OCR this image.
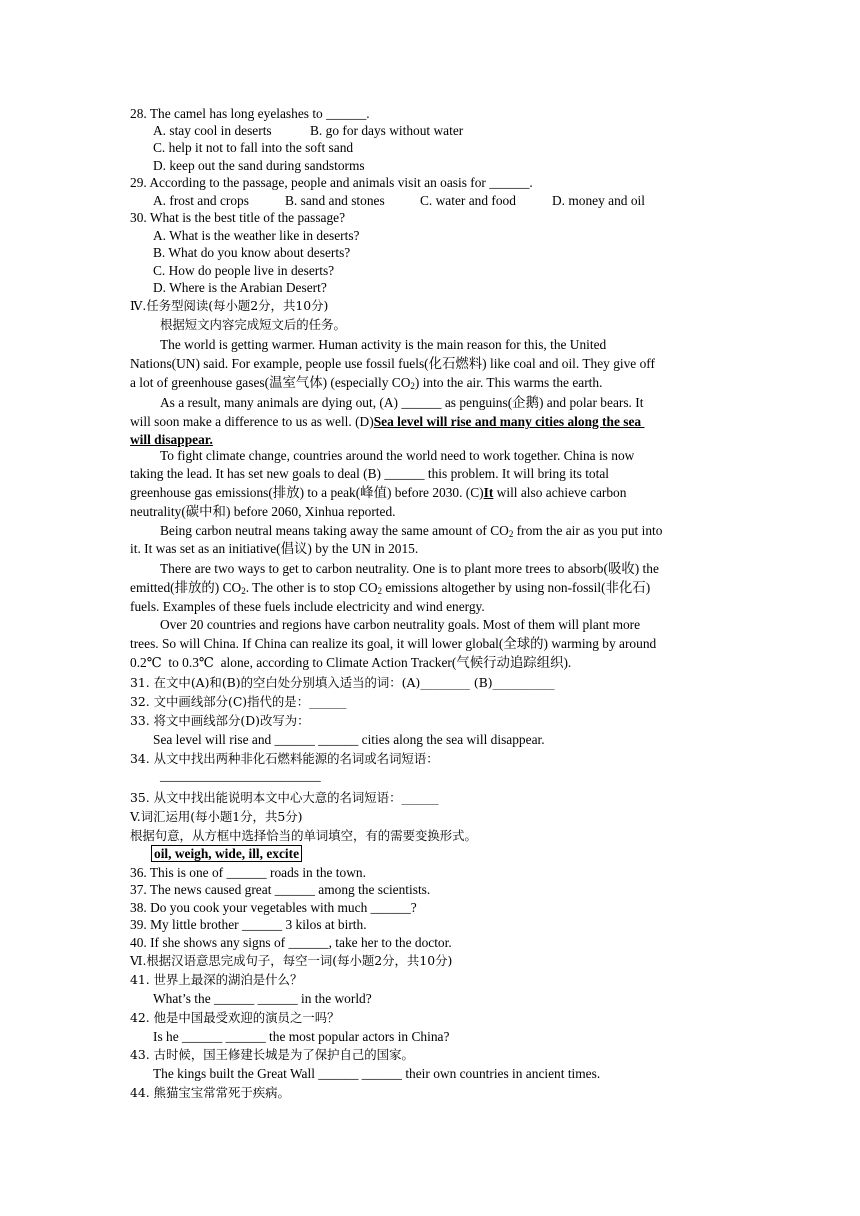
28. The camel has long eyelashes to ______.
A. stay cool in deserts	B. go for days without water
C. help it not to fall into the soft sand
D. keep out the sand during sandstorms
29. According to the passage, people and animals visit an oasis for ______.
A. frost and crops	B. sand and stones	C. water and food	D. money and oil
30. What is the best title of the passage?
A. What is the weather like in deserts?
B. What do you know about deserts?
C. How do people live in deserts?
D. Where is the Arabian Desert?
Ⅳ.任务型阅读(每小题2分，共10分)
根据短文内容完成短文后的任务。
The world is getting warmer. Human activity is the main reason for this, the United
Nations(UN) said. For example, people use fossil fuels(化石燃料) like coal and oil. They give off
a lot of greenhouse gases(温室气体) (especially $CO_2$) into the air. This warms the earth.
As a result, many animals are dying out, (A) ______ as penguins(企鹅) and polar bears. It
will soon make a difference to us as well. (D)Sea level will rise and many cities along the sea
will disappear.
To fight climate change, countries around the world need to work together. China is now
taking the lead. It has set new goals to deal (B) ______ this problem. It will bring its total
greenhouse gas emissions(排放) to a peak(峰值) before 2030. (C)It will also achieve carbon
neutrality(碳中和) before 2060, Xinhua reported.
Being carbon neutral means taking away the same amount of $CO_2$ from the air as you put into
it. It was set as an initiative(倡议) by the UN in 2015.
There are two ways to get to carbon neutrality. One is to plant more trees to absorb(吸收) the
emitted(排放的) $CO_2$. The other is to stop $CO_2$ emissions altogether by using non-fossil(非化石)
fuels. Examples of these fuels include electricity and wind energy.
Over 20 countries and regions have carbon neutrality goals. Most of them will plant more
trees. So will China. If China can realize its goal, it will lower global(全球的) warming by around
0.2℃  to 0.3℃  alone, according to Climate Action Tracker(气候行动追踪组织).
31. 在文中(A)和(B)的空白处分别填入适当的词：(A)________ (B)__________
32. 文中画线部分(C)指代的是：______
33. 将文中画线部分(D)改写为：
Sea level will rise and ______ ______ cities along the sea will disappear.
34. 从文中找出两种非化石燃料能源的名词或名词短语：
________________________
35. 从文中找出能说明本文中心大意的名词短语：______
V.词汇运用(每小题1分，共5分)
根据句意，从方框中选择恰当的单词填空，有的需要变换形式。
oil, weigh, wide, ill, excite
36. This is one of ______ roads in the town.
37. The news caused great ______ among the scientists.
38. Do you cook your vegetables with much ______?
39. My little brother ______ 3 kilos at birth.
40. If she shows any signs of ______, take her to the doctor.
Ⅵ.根据汉语意思完成句子，每空一词(每小题2分，共10分)
41. 世界上最深的湖泊是什么？
What’s the ______ ______ in the world?
42. 他是中国最受欢迎的演员之一吗？
Is he ______ ______ the most popular actors in China?
43. 古时候，国王修建长城是为了保护自己的国家。
The kings built the Great Wall ______ ______ their own countries in ancient times.
44. 熊猫宝宝常常死于疾病。
